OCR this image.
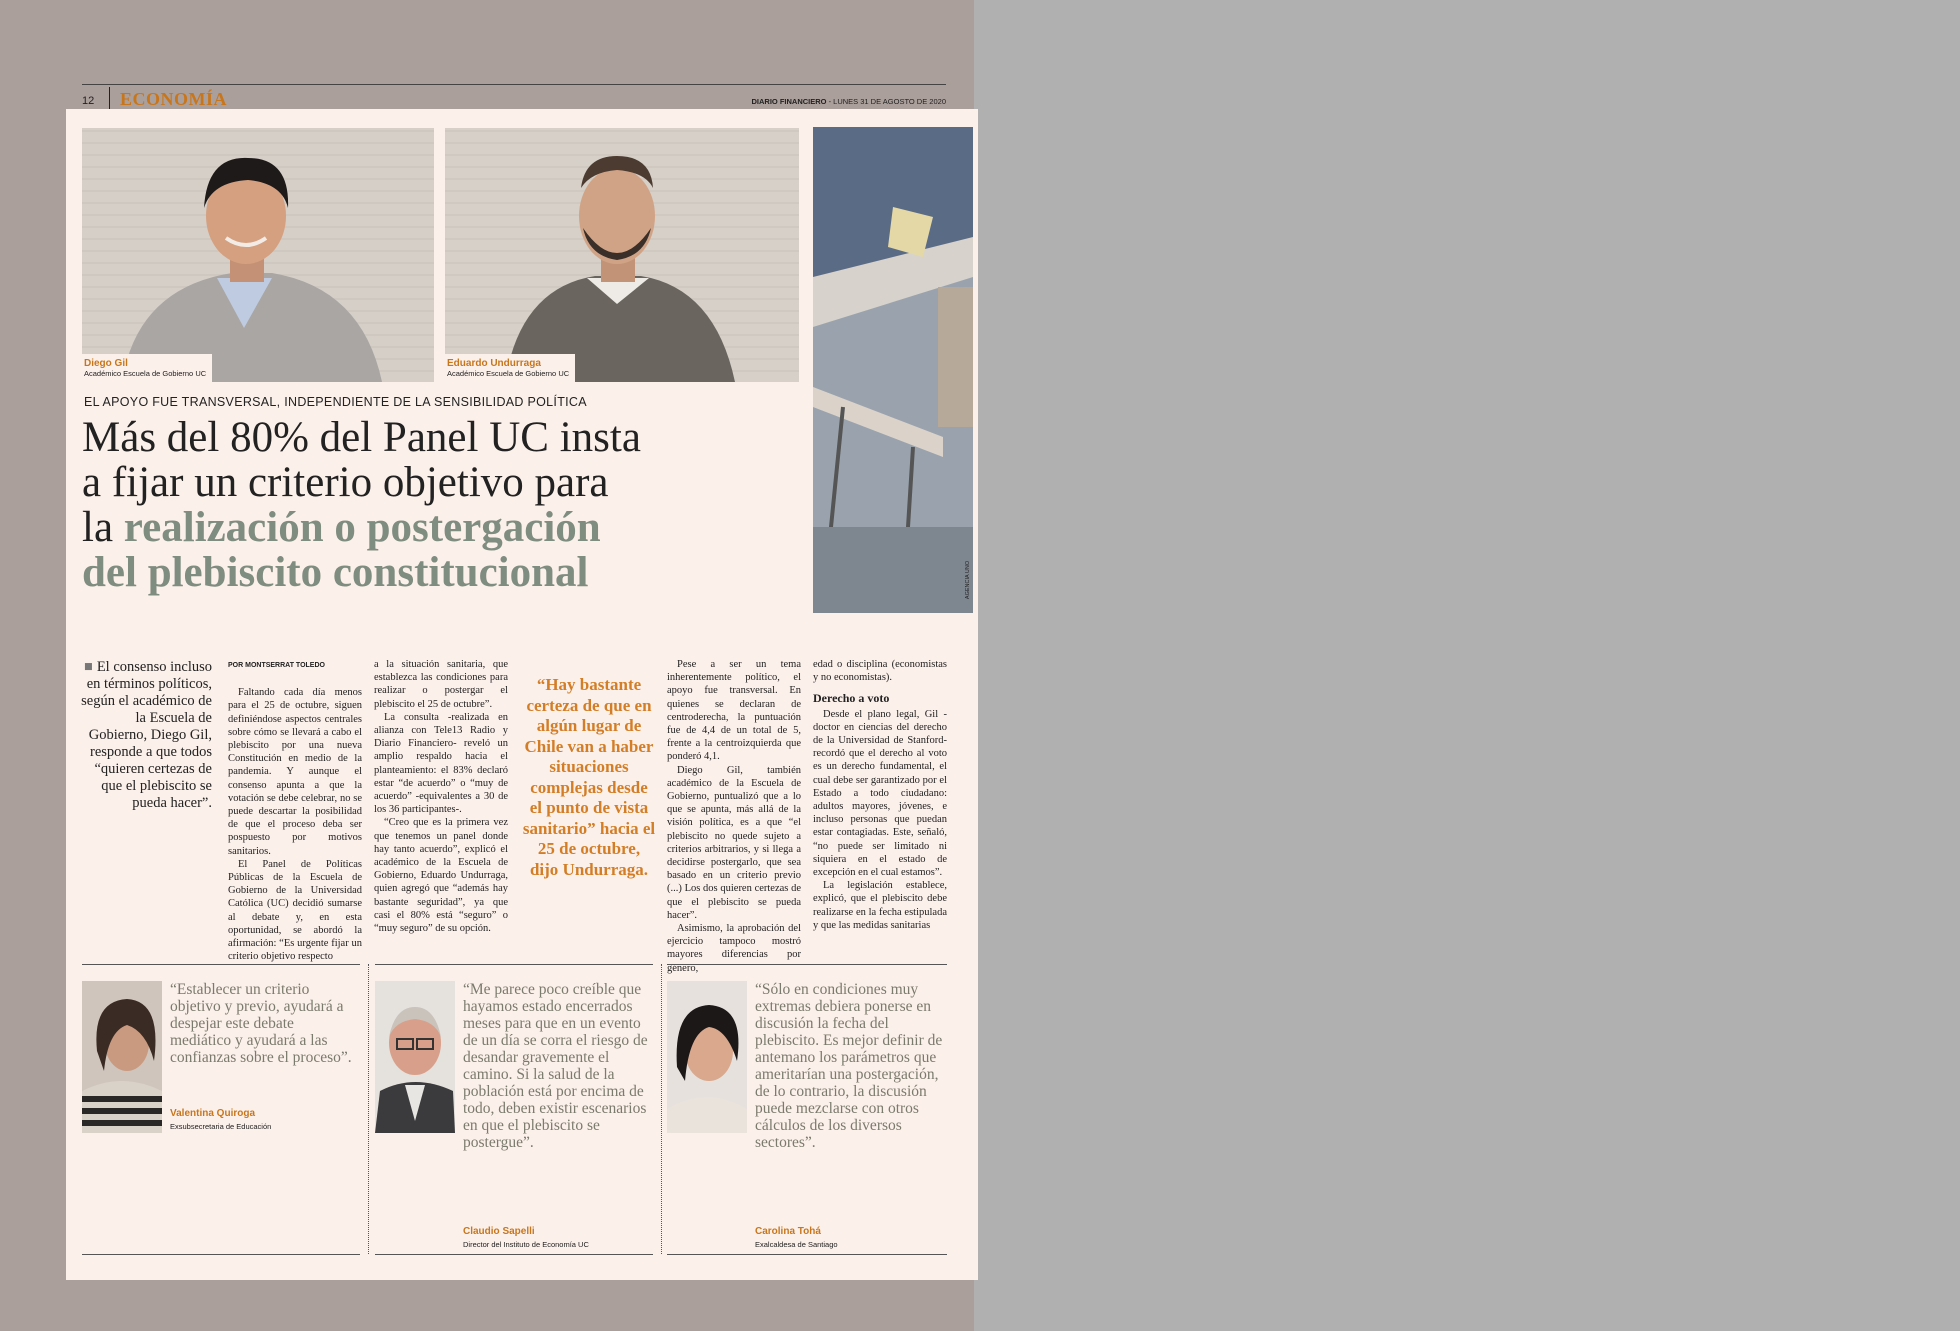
12 ECONOMÍA	DIARIO FINANCIERO - LUNES 31 DE AGOSTO DE 2020
Diego Gil
Académico Escuela de Gobierno UC
Eduardo Undurraga
Académico Escuela de Gobierno UC
AGENCIA UNO
EL APOYO FUE TRANSVERSAL, INDEPENDIENTE DE LA SENSIBILIDAD POLÍTICA
Más del 80% del Panel UC insta
a fijar un criterio objetivo para
la realización o postergación
del plebiscito constitucional

■ El consenso incluso en términos políticos, según el académico de la Escuela de Gobierno, Diego Gil, responde a que todos “quieren certezas de que el plebiscito se pueda hacer”.

POR MONTSERRAT TOLEDO

Faltando cada día menos para el 25 de octubre, siguen definiéndose aspectos centrales sobre cómo se llevará a cabo el plebiscito por una nueva Constitución en medio de la pandemia. Y aunque el consenso apunta a que la votación se debe celebrar, no se puede descartar la posibilidad de que el proceso deba ser pospuesto por motivos sanitarios.

El Panel de Políticas Públicas de la Escuela de Gobierno de la Universidad Católica (UC) decidió sumarse al debate y, en esta oportunidad, se abordó la afirmación: “Es urgente fijar un criterio objetivo respecto

a la situación sanitaria, que establezca las condiciones para realizar o postergar el plebiscito el 25 de octubre”.

La consulta -realizada en alianza con Tele13 Radio y Diario Financiero- reveló un amplio respaldo hacia el planteamiento: el 83% declaró estar “de acuerdo” o “muy de acuerdo” -equivalentes a 30 de los 36 participantes-.

“Creo que es la primera vez que tenemos un panel donde hay tanto acuerdo”, explicó el académico de la Escuela de Gobierno, Eduardo Undurraga, quien agregó que “además hay bastante seguridad”, ya que casi el 80% está “seguro” o “muy seguro” de su opción.

“Hay bastante certeza de que en algún lugar de Chile van a haber situaciones complejas desde el punto de vista sanitario” hacia el 25 de octubre, dijo Undurraga.

Pese a ser un tema inherentemente político, el apoyo fue transversal. En quienes se declaran de centroderecha, la puntuación fue de 4,4 de un total de 5, frente a la centroizquierda que ponderó 4,1.

Diego Gil, también académico de la Escuela de Gobierno, puntualizó que a lo que se apunta, más allá de la visión política, es a que “el plebiscito no quede sujeto a criterios arbitrarios, y si llega a decidirse postergarlo, que sea basado en un criterio previo (...) Los dos quieren certezas de que el plebiscito se pueda hacer”.

Asimismo, la aprobación del ejercicio tampoco mostró mayores diferencias por género,

edad o disciplina (economistas y no economistas).

Derecho a voto

Desde el plano legal, Gil -doctor en ciencias del derecho de la Universidad de Stanford- recordó que el derecho al voto es un derecho fundamental, el cual debe ser garantizado por el Estado a todo ciudadano: adultos mayores, jóvenes, e incluso personas que puedan estar contagiadas. Este, señaló, “no puede ser limitado ni siquiera en el estado de excepción en el cual estamos”.

La legislación establece, explicó, que el plebiscito debe realizarse en la fecha estipulada y que las medidas sanitarias

“Establecer un criterio objetivo y previo, ayudará a despejar este debate mediático y ayudará a las confianzas sobre el proceso”.

Valentina Quiroga
Exsubsecretaria de Educación

“Me parece poco creíble que hayamos estado encerrados meses para que en un evento de un día se corra el riesgo de desandar gravemente el camino. Si la salud de la población está por encima de todo, deben existir escenarios en que el plebiscito se postergue”.

Claudio Sapelli
Director del Instituto de Economía UC

“Sólo en condiciones muy extremas debiera ponerse en discusión la fecha del plebiscito. Es mejor definir de antemano los parámetros que ameritarían una postergación, de lo contrario, la discusión puede mezclarse con otros cálculos de los diversos sectores”.

Carolina Tohá
Exalcaldesa de Santiago
